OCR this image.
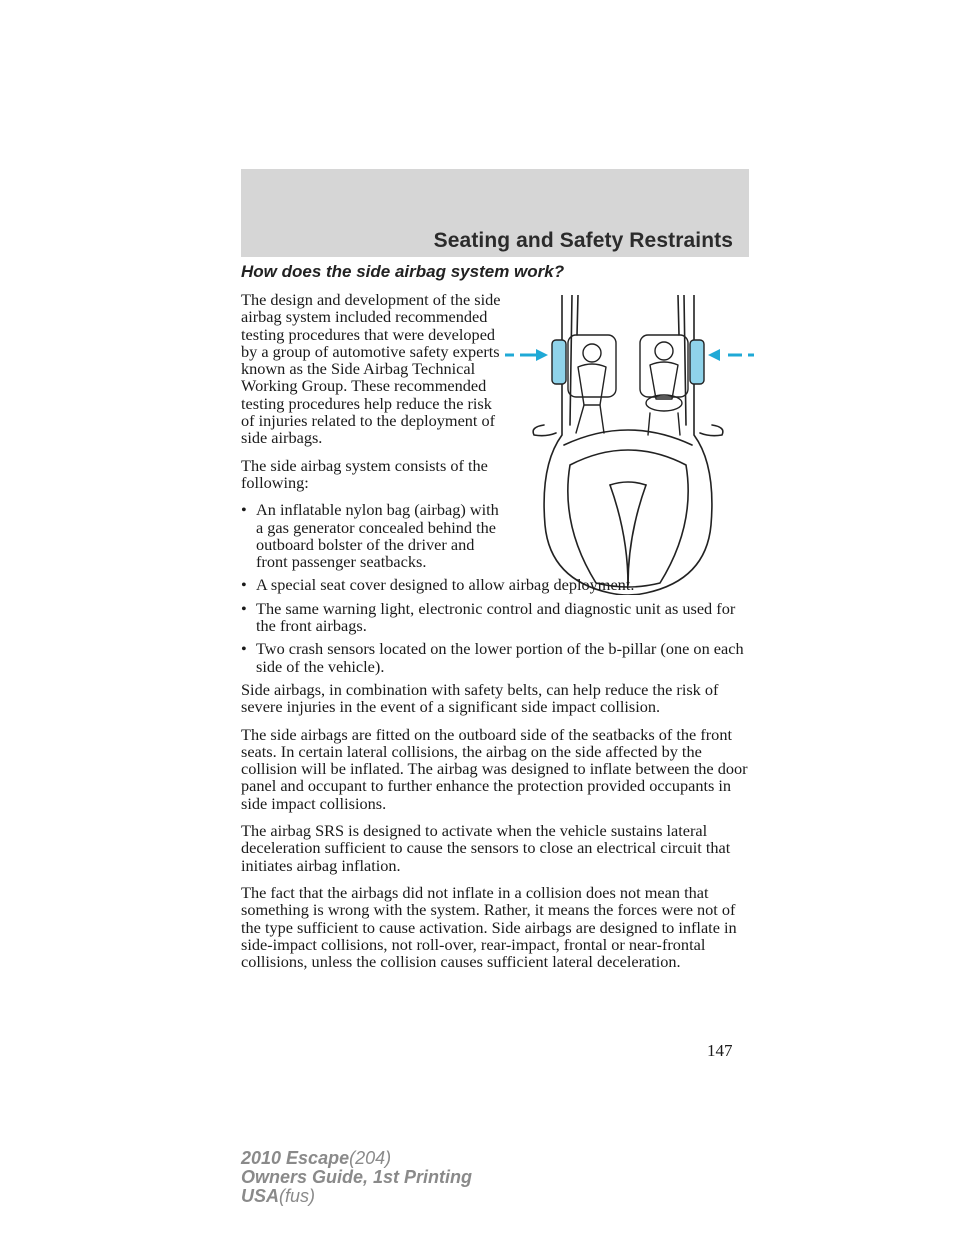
Seating and Safety Restraints
How does the side airbag system work?

The design and development of the side airbag system included recommended testing procedures that were developed by a group of automotive safety experts known as the Side Airbag Technical Working Group. These recommended testing procedures help reduce the risk of injuries related to the deployment of side airbags.

The side airbag system consists of the following:

• An inflatable nylon bag (airbag) with a gas generator concealed behind the outboard bolster of the driver and front passenger seatbacks.
• A special seat cover designed to allow airbag deployment.
• The same warning light, electronic control and diagnostic unit as used for the front airbags.
• Two crash sensors located on the lower portion of the b-pillar (one on each side of the vehicle).

Side airbags, in combination with safety belts, can help reduce the risk of severe injuries in the event of a significant side impact collision.

The side airbags are fitted on the outboard side of the seatbacks of the front seats. In certain lateral collisions, the airbag on the side affected by the collision will be inflated. The airbag was designed to inflate between the door panel and occupant to further enhance the protection provided occupants in side impact collisions.

The airbag SRS is designed to activate when the vehicle sustains lateral deceleration sufficient to cause the sensors to close an electrical circuit that initiates airbag inflation.

The fact that the airbags did not inflate in a collision does not mean that something is wrong with the system. Rather, it means the forces were not of the type sufficient to cause activation. Side airbags are designed to inflate in side-impact collisions, not roll-over, rear-impact, frontal or near-frontal collisions, unless the collision causes sufficient lateral deceleration.

147
2010 Escape(204)
Owners Guide, 1st Printing
USA(fus)
